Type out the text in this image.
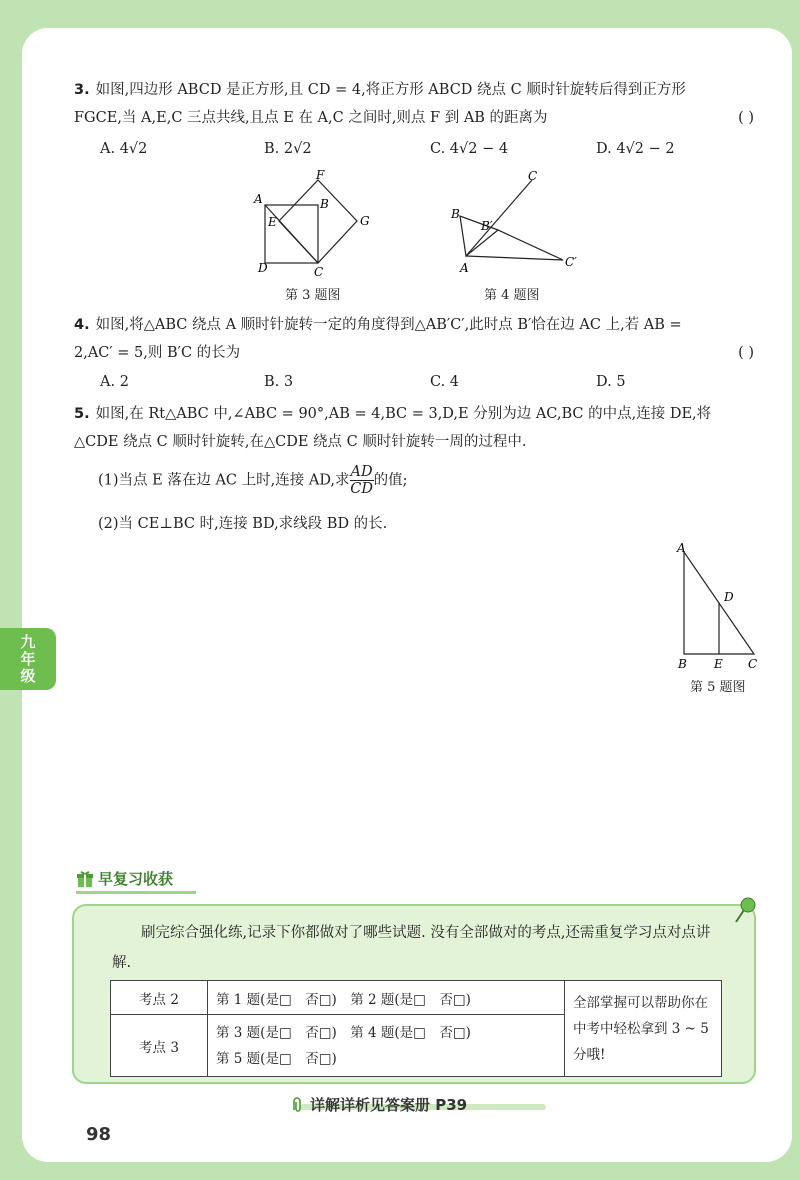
3. 如图,四边形 ABCD 是正方形,且 CD = 4,将正方形 ABCD 绕点 C 顺时针旋转后得到正方形
FGCE,当 A,E,C 三点共线,且点 E 在 A,C 之间时,则点 F 到 AB 的距离为	( )
A. 4√2	B. 2√2	C. 4√2 − 4	D. 4√2 − 2
A	B
C
D
E
F
G
第 3 题图
C
B
B′
A	C′
第 4 题图
4. 如图,将△ABC 绕点 A 顺时针旋转一定的角度得到△AB′C′,此时点 B′恰在边 AC 上,若 AB =
2,AC′ = 5,则 B′C 的长为	( )
A. 2	B. 3	C. 4	D. 5
5. 如图,在 Rt△ABC 中,∠ABC = 90°,AB = 4,BC = 3,D,E 分别为边 AC,BC 的中点,连接 DE,将
△CDE 绕点 C 顺时针旋转,在△CDE 绕点 C 顺时针旋转一周的过程中.
(1)当点 E 落在边 AC 上时,连接 AD,求 $\frac{AD}{CD}$ 的值;
(2)当 CE⊥BC 时,连接 BD,求线段 BD 的长.
A
D
B E C
第 5 题图
九
年
级
早复习收获
刷完综合强化练,记录下你都做对了哪些试题. 没有全部做对的考点,还需重复学习点对点讲解.
考点 2	第 1 题(是□　否□)　 第 2 题(是□　否□)	全部掌握可以帮助你在中考中轻松拿到 3 ~ 5 分哦!
考点 3	第 3 题(是□　否□)　 第 4 题(是□　否□)
第 5 题(是□　否□)	
详解详析见答案册 P39
98
